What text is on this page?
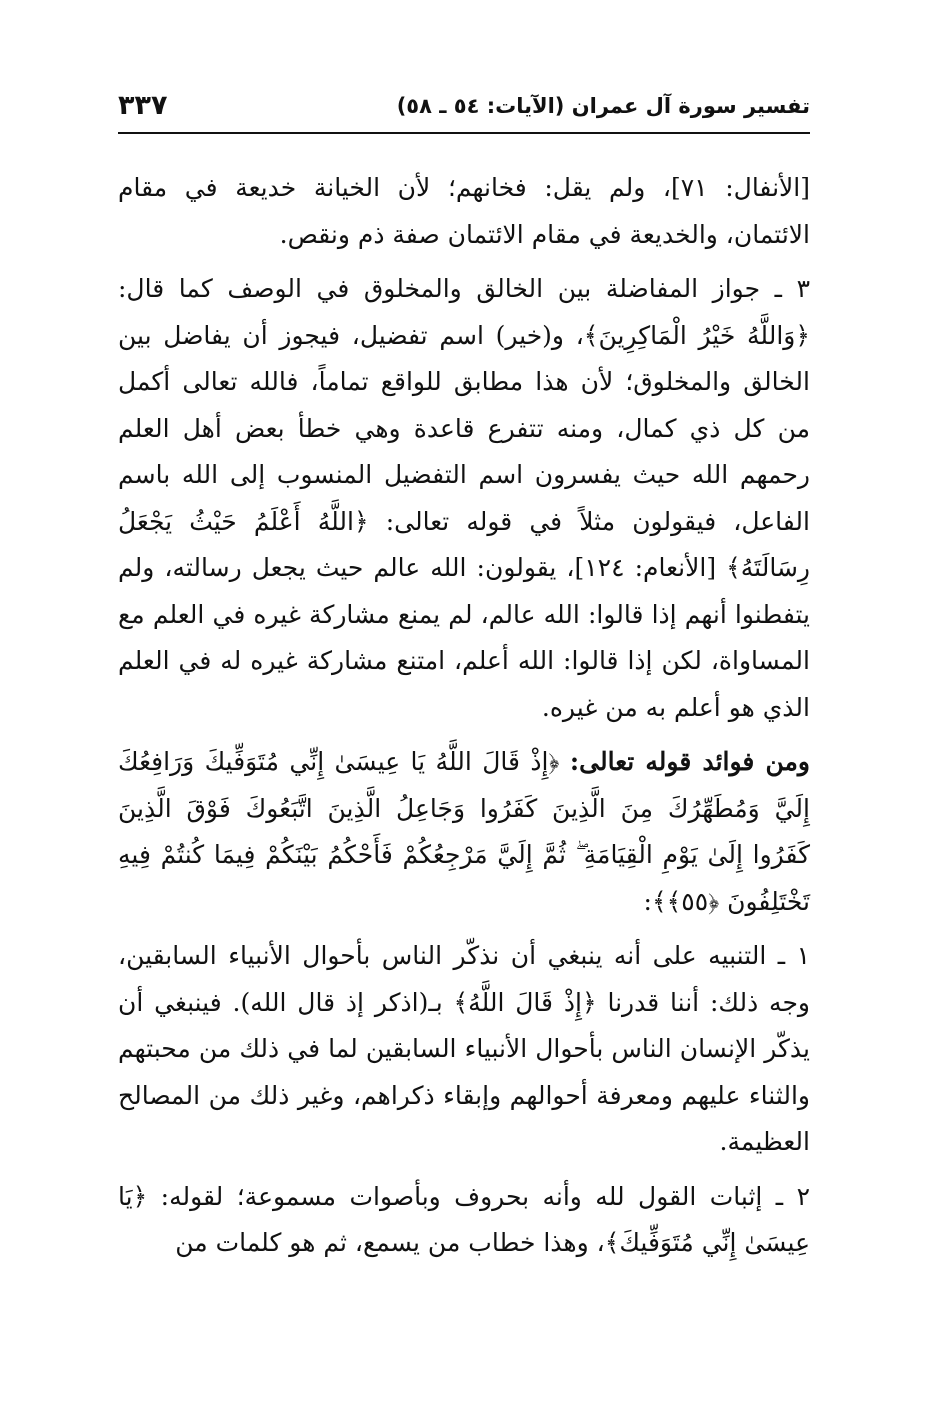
تفسير سورة آل عمران (الآيات: ٥٤ ـ ٥٨)
٣٣٧

[الأنفال: ٧١]، ولم يقل: فخانهم؛ لأن الخيانة خديعة في مقام الائتمان، والخديعة في مقام الائتمان صفة ذم ونقص.

٣ ـ جواز المفاضلة بين الخالق والمخلوق في الوصف كما قال: ﴿وَاللَّهُ خَيْرُ الْمَاكِرِينَ﴾، و(خير) اسم تفضيل، فيجوز أن يفاضل بين الخالق والمخلوق؛ لأن هذا مطابق للواقع تماماً، فالله تعالى أكمل من كل ذي كمال، ومنه تتفرع قاعدة وهي خطأ بعض أهل العلم رحمهم الله حيث يفسرون اسم التفضيل المنسوب إلى الله باسم الفاعل، فيقولون مثلاً في قوله تعالى: ﴿اللَّهُ أَعْلَمُ حَيْثُ يَجْعَلُ رِسَالَتَهُ﴾ [الأنعام: ١٢٤]، يقولون: الله عالم حيث يجعل رسالته، ولم يتفطنوا أنهم إذا قالوا: الله عالم، لم يمنع مشاركة غيره في العلم مع المساواة، لكن إذا قالوا: الله أعلم، امتنع مشاركة غيره له في العلم الذي هو أعلم به من غيره.

ومن فوائد قوله تعالى: ﴿إِذْ قَالَ اللَّهُ يَا عِيسَىٰ إِنِّي مُتَوَفِّيكَ وَرَافِعُكَ إِلَيَّ وَمُطَهِّرُكَ مِنَ الَّذِينَ كَفَرُوا وَجَاعِلُ الَّذِينَ اتَّبَعُوكَ فَوْقَ الَّذِينَ كَفَرُوا إِلَىٰ يَوْمِ الْقِيَامَةِ ۖ ثُمَّ إِلَيَّ مَرْجِعُكُمْ فَأَحْكُمُ بَيْنَكُمْ فِيمَا كُنتُمْ فِيهِ تَخْتَلِفُونَ ﴿٥٥﴾﴾:

١ ـ التنبيه على أنه ينبغي أن نذكّر الناس بأحوال الأنبياء السابقين، وجه ذلك: أننا قدرنا ﴿إِذْ قَالَ اللَّهُ﴾ بـ(اذكر إذ قال الله). فينبغي أن يذكّر الإنسان الناس بأحوال الأنبياء السابقين لما في ذلك من محبتهم والثناء عليهم ومعرفة أحوالهم وإبقاء ذكراهم، وغير ذلك من المصالح العظيمة.

٢ ـ إثبات القول لله وأنه بحروف وبأصوات مسموعة؛ لقوله: ﴿يَا عِيسَىٰ إِنِّي مُتَوَفِّيكَ﴾، وهذا خطاب من يسمع، ثم هو كلمات من
